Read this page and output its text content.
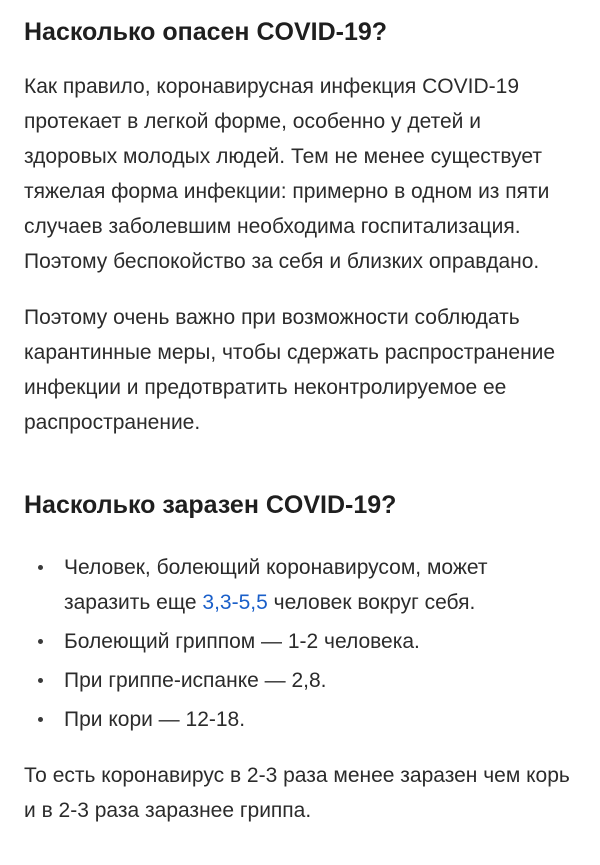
Насколько опасен COVID-19?

Как правило, коронавирусная инфекция COVID-19 протекает в легкой форме, особенно у детей и здоровых молодых людей. Тем не менее существует тяжелая форма инфекции: примерно в одном из пяти случаев заболевшим необходима госпитализация. Поэтому беспокойство за себя и близких оправдано.

Поэтому очень важно при возможности соблюдать карантинные меры, чтобы сдержать распространение инфекции и предотвратить неконтролируемое ее распространение.

Насколько заразен COVID-19?
Человек, болеющий коронавирусом, может заразить еще 3,3-5,5 человек вокруг себя.
Болеющий гриппом — 1-2 человека.
При гриппе-испанке — 2,8.
При кори — 12-18.

То есть коронавирус в 2-3 раза менее заразен чем корь и в 2-3 раза заразнее гриппа.
